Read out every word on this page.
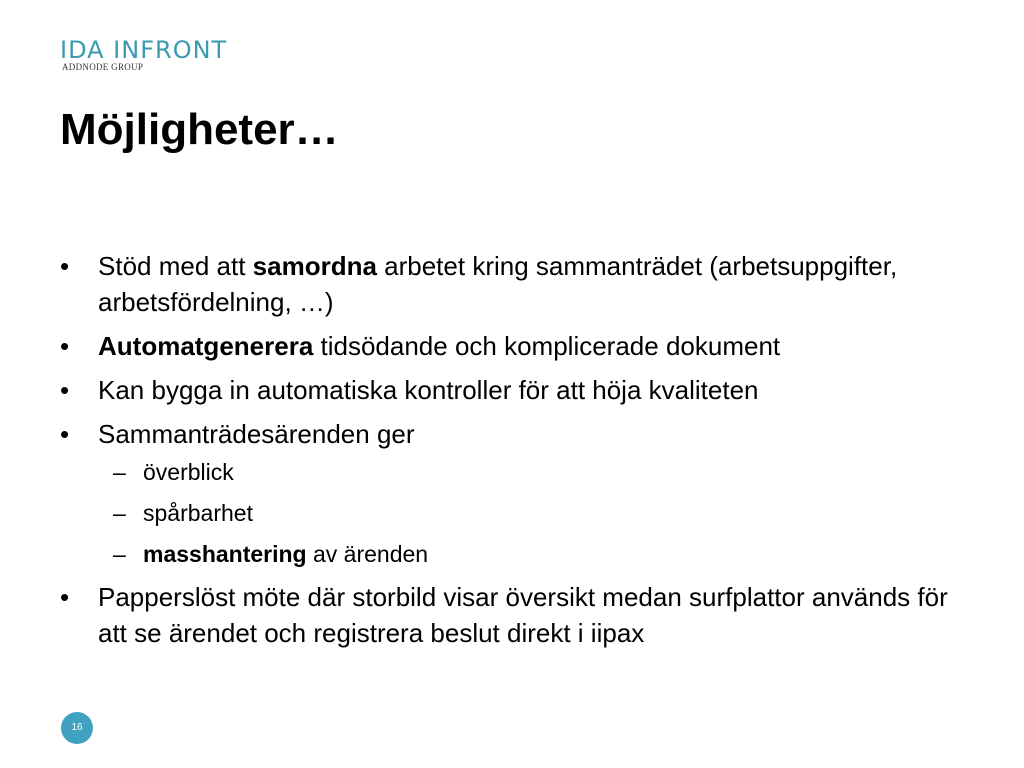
IDA INFRONT
ADDNODE GROUP
Möjligheter…
• Stöd med att samordna arbetet kring sammanträdet (arbetsuppgifter, arbetsfördelning, …)
• Automatgenerera tidsödande och komplicerade dokument
• Kan bygga in automatiska kontroller för att höja kvaliteten
• Sammanträdesärenden ger
– överblick
– spårbarhet
– masshantering av ärenden
• Papperslöst möte där storbild visar översikt medan surfplattor används för att se ärendet och registrera beslut direkt i iipax
16
